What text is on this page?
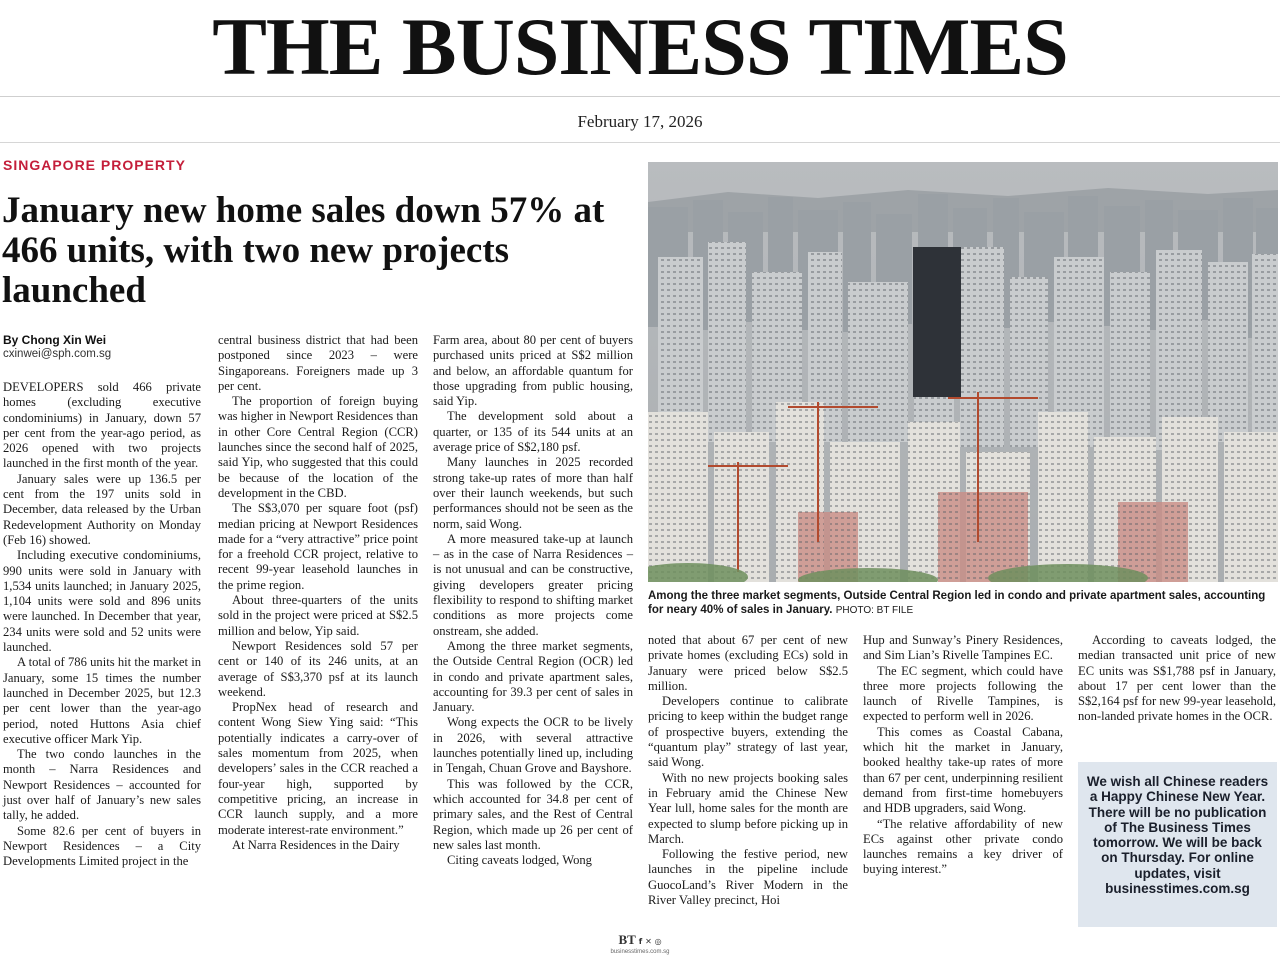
THE BUSINESS TIMES
February 17, 2026
SINGAPORE PROPERTY
January new home sales down 57% at 466 units, with two new projects launched
By Chong Xin Wei
cxinwei@sph.com.sg

DEVELOPERS sold 466 private homes (excluding executive condominiums) in January, down 57 per cent from the year-ago period, as 2026 opened with two projects launched in the first month of the year.

January sales were up 136.5 per cent from the 197 units sold in December, data released by the Urban Redevelopment Authority on Monday (Feb 16) showed.

Including executive condominiums, 990 units were sold in January with 1,534 units launched; in January 2025, 1,104 units were sold and 896 units were launched. In December that year, 234 units were sold and 52 units were launched.

A total of 786 units hit the market in January, some 15 times the number launched in December 2025, but 12.3 per cent lower than the year-ago period, noted Huttons Asia chief executive officer Mark Yip.

The two condo launches in the month – Narra Residences and Newport Residences – accounted for just over half of January’s new sales tally, he added.

Some 82.6 per cent of buyers in Newport Residences – a City Developments Limited project in the

central business district that had been postponed since 2023 – were Singaporeans. Foreigners made up 3 per cent.

The proportion of foreign buying was higher in Newport Residences than in other Core Central Region (CCR) launches since the second half of 2025, said Yip, who suggested that this could be because of the location of the development in the CBD.

The S$3,070 per square foot (psf) median pricing at Newport Residences made for a “very attractive” price point for a freehold CCR project, relative to recent 99-year leasehold launches in the prime region.

About three-quarters of the units sold in the project were priced at S$2.5 million and below, Yip said.

Newport Residences sold 57 per cent or 140 of its 246 units, at an average of S$3,370 psf at its launch weekend.

PropNex head of research and content Wong Siew Ying said: “This potentially indicates a carry-over of sales momentum from 2025, when developers’ sales in the CCR reached a four-year high, supported by competitive pricing, an increase in CCR launch supply, and a more moderate interest-rate environment.”

At Narra Residences in the Dairy

Farm area, about 80 per cent of buyers purchased units priced at S$2 million and below, an affordable quantum for those upgrading from public housing, said Yip.

The development sold about a quarter, or 135 of its 544 units at an average price of S$2,180 psf.

Many launches in 2025 recorded strong take-up rates of more than half over their launch weekends, but such performances should not be seen as the norm, said Wong.

A more measured take-up at launch – as in the case of Narra Residences – is not unusual and can be constructive, giving developers greater pricing flexibility to respond to shifting market conditions as more projects come onstream, she added.

Among the three market segments, the Outside Central Region (OCR) led in condo and private apartment sales, accounting for 39.3 per cent of sales in January.

Wong expects the OCR to be lively in 2026, with several attractive launches potentially lined up, including in Tengah, Chuan Grove and Bayshore.

This was followed by the CCR, which accounted for 34.8 per cent of primary sales, and the Rest of Central Region, which made up 26 per cent of new sales last month.

Citing caveats lodged, Wong

Among the three market segments, Outside Central Region led in condo and private apartment sales, accounting for neary 40% of sales in January. PHOTO: BT FILE

noted that about 67 per cent of new private homes (excluding ECs) sold in January were priced below S$2.5 million.

Developers continue to calibrate pricing to keep within the budget range of prospective buyers, extending the “quantum play” strategy of last year, said Wong.

With no new projects booking sales in February amid the Chinese New Year lull, home sales for the month are expected to slump before picking up in March.

Following the festive period, new launches in the pipeline include GuocoLand’s River Modern in the River Valley precinct, Hoi

Hup and Sunway’s Pinery Residences, and Sim Lian’s Rivelle Tampines EC.

The EC segment, which could have three more projects following the launch of Rivelle Tampines, is expected to perform well in 2026.

This comes as Coastal Cabana, which hit the market in January, booked healthy take-up rates of more than 67 per cent, underpinning resilient demand from first-time homebuyers and HDB upgraders, said Wong.

“The relative affordability of new ECs against other private condo launches remains a key driver of buying interest.”

According to caveats lodged, the median transacted unit price of new EC units was S$1,788 psf in January, about 17 per cent lower than the S$2,164 psf for new 99-year leasehold, non-landed private homes in the OCR.

We wish all Chinese readers a Happy Chinese New Year. There will be no publication of The Business Times tomorrow. We will be back on Thursday. For online updates, visit businesstimes.com.sg
BT f ✕ ◎
businesstimes.com.sg
